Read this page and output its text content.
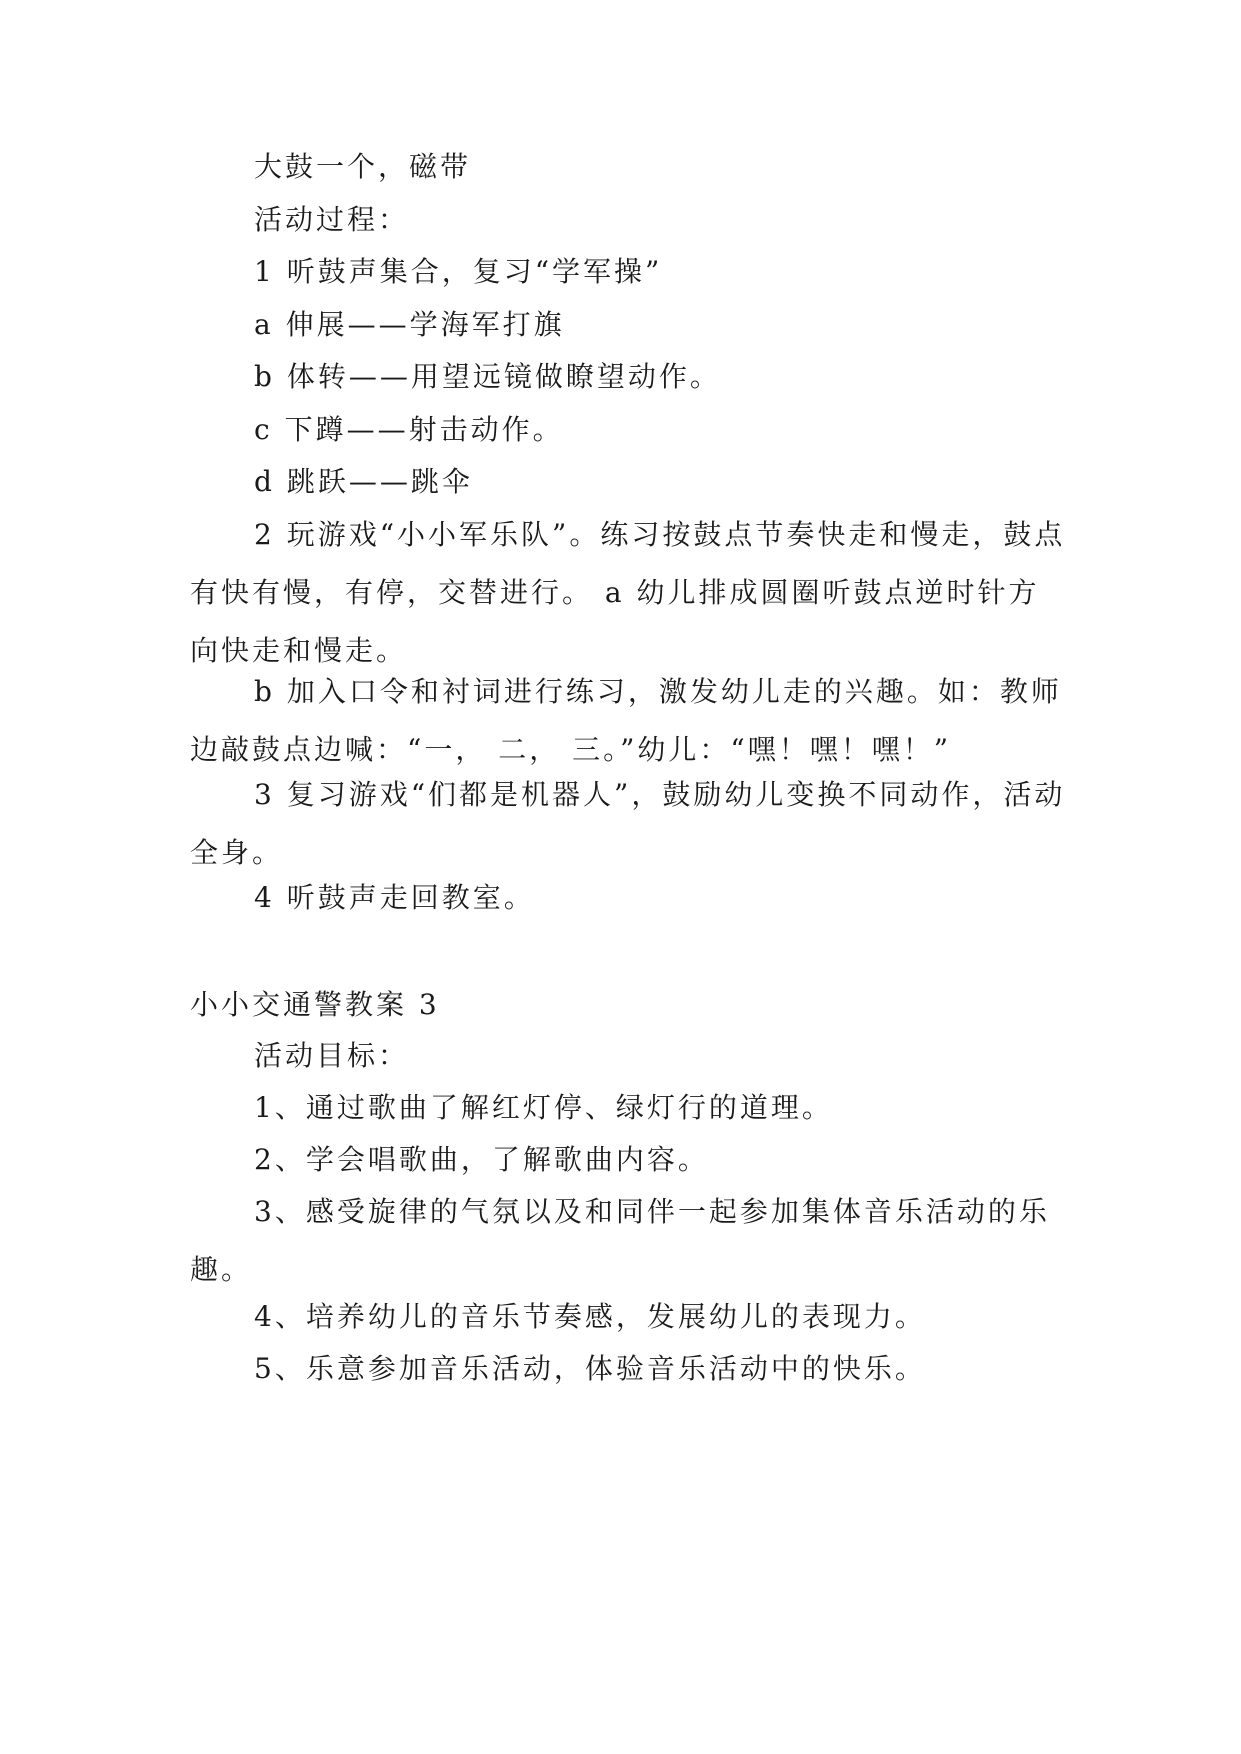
大鼓一个，磁带

活动过程：

1 听鼓声集合，复习“学军操”

a 伸展——学海军打旗

b 体转——用望远镜做瞭望动作。

c 下蹲——射击动作。

d 跳跃——跳伞

2 玩游戏“小小军乐队”。练习按鼓点节奏快走和慢走，鼓点有快有慢，有停，交替进行。 a 幼儿排成圆圈听鼓点逆时针方向快走和慢走。

b 加入口令和衬词进行练习，激发幼儿走的兴趣。如：教师边敲鼓点边喊：“一， 二， 三。”幼儿：“嘿！嘿！嘿！”

3 复习游戏“们都是机器人”，鼓励幼儿变换不同动作，活动全身。

4 听鼓声走回教室。

小小交通警教案 3

活动目标：

1、通过歌曲了解红灯停、绿灯行的道理。

2、学会唱歌曲，了解歌曲内容。

3、感受旋律的气氛以及和同伴一起参加集体音乐活动的乐趣。

4、培养幼儿的音乐节奏感，发展幼儿的表现力。

5、乐意参加音乐活动，体验音乐活动中的快乐。
